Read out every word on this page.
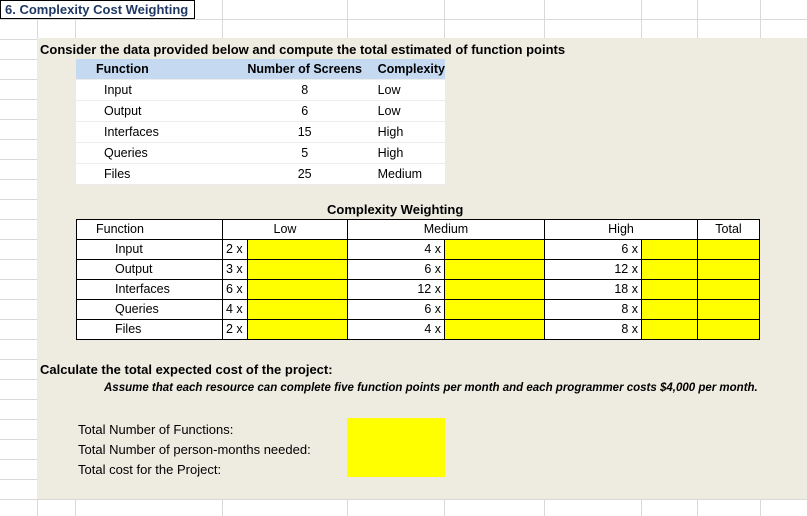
6. Complexity Cost Weighting
Consider the data provided below and compute the total estimated of function points
Function	Number of Screens	Complexity
Input	8	Low
Output	6	Low
Interfaces	15	High
Queries	5	High
Files	25	Medium
Complexity Weighting
Function	Low	Medium	High	Total
Input	2 x	4 x	6 x
Output	3 x	6 x	12 x
Interfaces	6 x	12 x	18 x
Queries	4 x	6 x	8 x
Files	2 x	4 x	8 x
Calculate the total expected cost of the project:
Assume that each resource can complete five function points per month and each programmer costs $4,000 per month.
Total Number of Functions:
Total Number of person-months needed:
Total cost for the Project:
